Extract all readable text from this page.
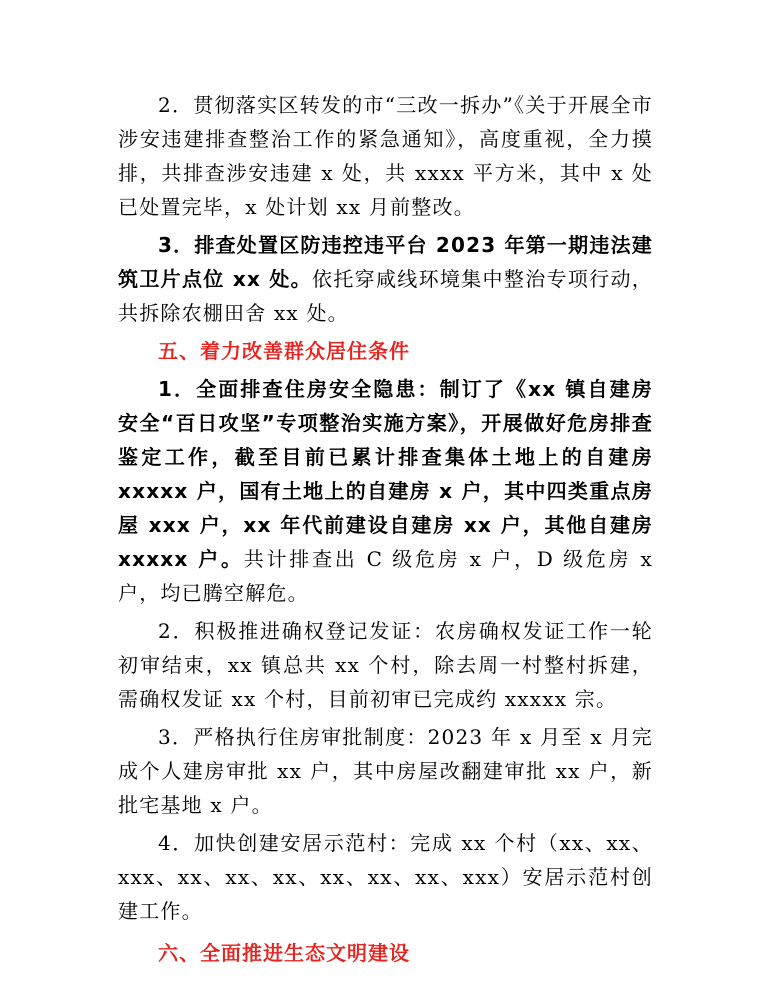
2．贯彻落实区转发的市“三改一拆办”《关于开展全市涉安违建排查整治工作的紧急通知》，高度重视，全力摸排，共排查涉安违建 x 处，共 xxxx 平方米，其中 x 处已处置完毕，x 处计划 xx 月前整改。

3．排查处置区防违控违平台 2023 年第一期违法建筑卫片点位 xx 处。依托穿咸线环境集中整治专项行动，共拆除农棚田舍 xx 处。

五、着力改善群众居住条件

1．全面排查住房安全隐患：制订了《xx 镇自建房安全“百日攻坚”专项整治实施方案》，开展做好危房排查鉴定工作，截至目前已累计排查集体土地上的自建房 xxxxx 户，国有土地上的自建房 x 户，其中四类重点房屋 xxx 户，xx 年代前建设自建房 xx 户，其他自建房 xxxxx 户。共计排查出 C 级危房 x 户，D 级危房 x 户，均已腾空解危。

2．积极推进确权登记发证：农房确权发证工作一轮初审结束，xx 镇总共 xx 个村，除去周一村整村拆建，需确权发证 xx 个村，目前初审已完成约 xxxxx 宗。

3．严格执行住房审批制度：2023 年 x 月至 x 月完成个人建房审批 xx 户，其中房屋改翻建审批 xx 户，新批宅基地 x 户。

4．加快创建安居示范村：完成 xx 个村（xx、xx、xxx、xx、xx、xx、xx、xx、xx、xxx）安居示范村创建工作。

六、全面推进生态文明建设
